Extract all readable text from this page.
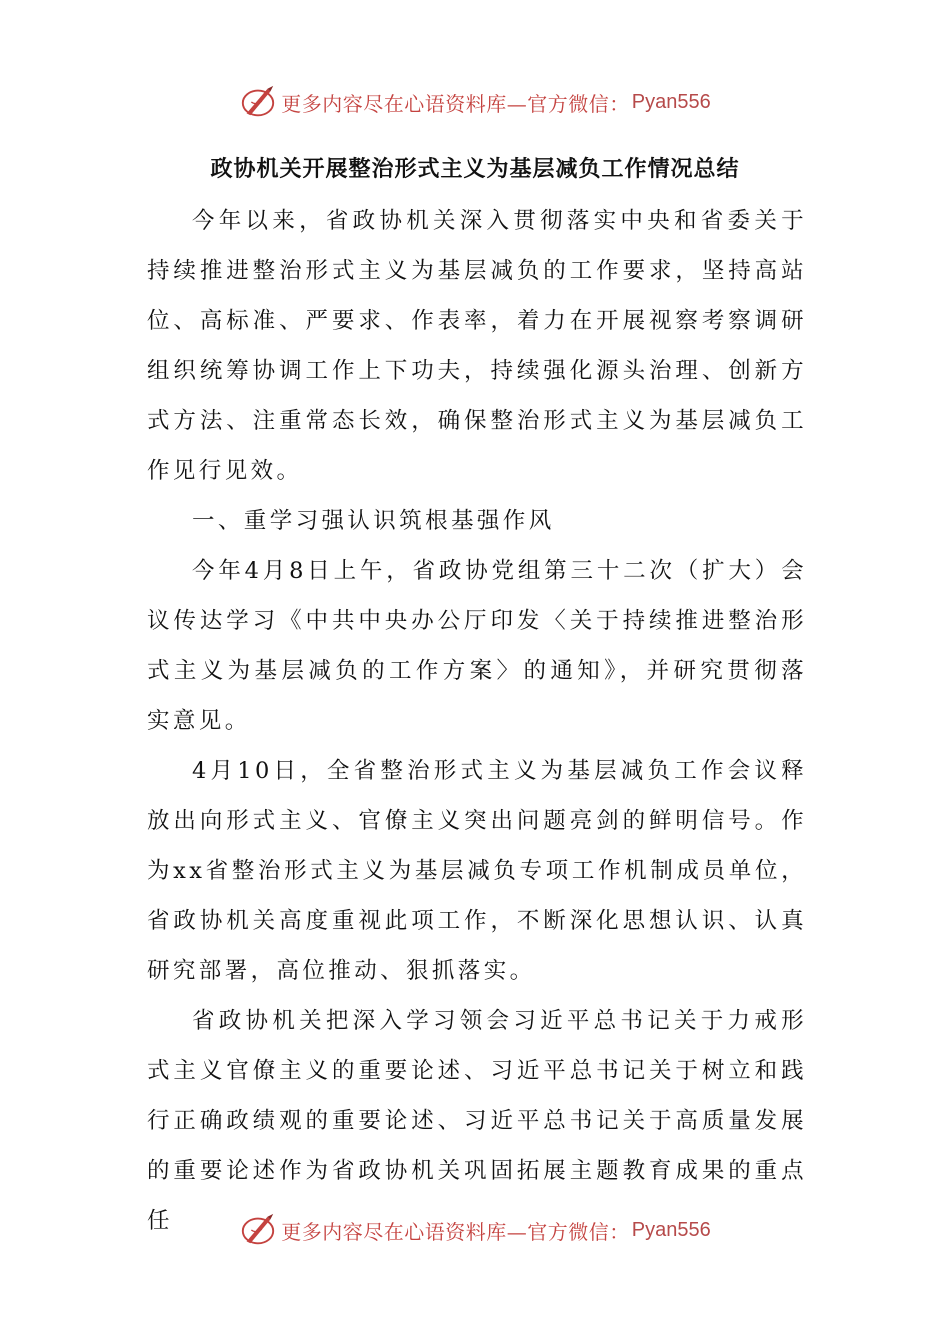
更多内容尽在心语资料库—官方微信： Pyan556
政协机关开展整治形式主义为基层减负工作情况总结

今年以来，省政协机关深入贯彻落实中央和省委关于持续推进整治形式主义为基层减负的工作要求，坚持高站位、高标准、严要求、作表率，着力在开展视察考察调研组织统筹协调工作上下功夫，持续强化源头治理、创新方式方法、注重常态长效，确保整治形式主义为基层减负工作见行见效。

一、重学习强认识筑根基强作风

今年4月8日上午，省政协党组第三十二次（扩大）会议传达学习《中共中央办公厅印发〈关于持续推进整治形式主义为基层减负的工作方案〉的通知》，并研究贯彻落实意见。

4月10日，全省整治形式主义为基层减负工作会议释放出向形式主义、官僚主义突出问题亮剑的鲜明信号。作为xx省整治形式主义为基层减负专项工作机制成员单位，省政协机关高度重视此项工作，不断深化思想认识、认真研究部署，高位推动、狠抓落实。

省政协机关把深入学习领会习近平总书记关于力戒形式主义官僚主义的重要论述、习近平总书记关于树立和践行正确政绩观的重要论述、习近平总书记关于高质量发展的重要论述作为省政协机关巩固拓展主题教育成果的重点任	更多内容尽在心语资料库—官方微信： Pyan556
